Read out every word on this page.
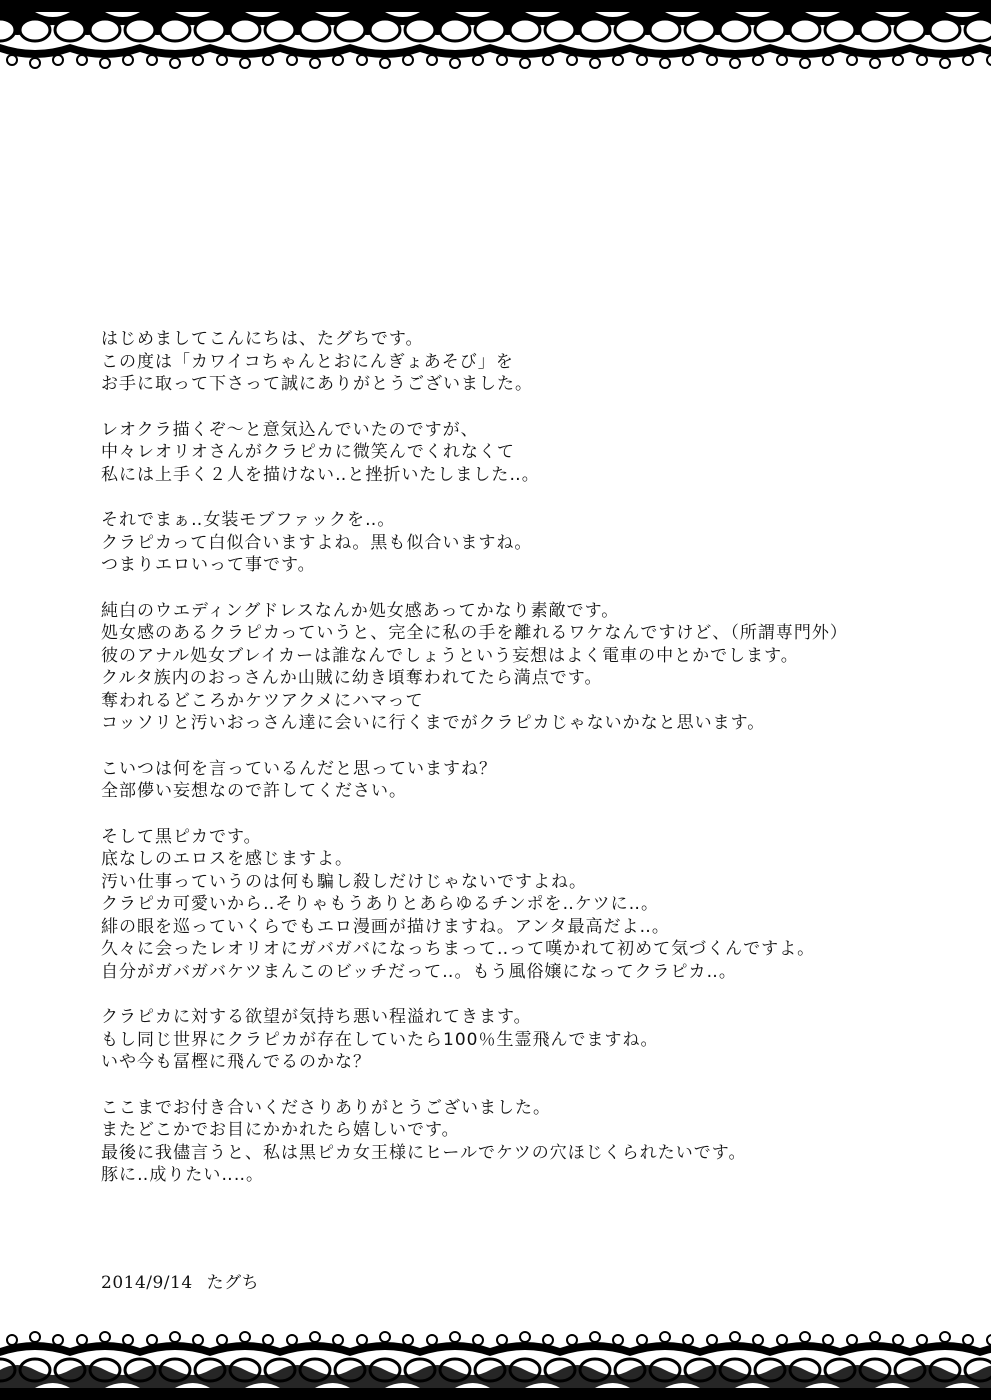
はじめましてこんにちは、たグちです。
この度は「カワイコちゃんとおにんぎょあそび」を
お手に取って下さって誠にありがとうございました。

レオクラ描くぞ～と意気込んでいたのですが、
中々レオリオさんがクラピカに微笑んでくれなくて
私には上手く２人を描けない‥と挫折いたしました‥。

それでまぁ‥女装モブファックを‥。
クラピカって白似合いますよね。黒も似合いますね。
つまりエロいって事です。

純白のウエディングドレスなんか処女感あってかなり素敵です。
処女感のあるクラピカっていうと、完全に私の手を離れるワケなんですけど、（所謂専門外）
彼のアナル処女ブレイカーは誰なんでしょうという妄想はよく電車の中とかでします。
クルタ族内のおっさんか山賊に幼き頃奪われてたら満点です。
奪われるどころかケツアクメにハマって
コッソリと汚いおっさん達に会いに行くまでがクラピカじゃないかなと思います。

こいつは何を言っているんだと思っていますね？
全部儚い妄想なので許してください。

そして黒ピカです。
底なしのエロスを感じますよ。
汚い仕事っていうのは何も騙し殺しだけじゃないですよね。
クラピカ可愛いから‥そりゃもうありとあらゆるチンポを‥ケツに‥。
緋の眼を巡っていくらでもエロ漫画が描けますね。アンタ最高だよ‥。
久々に会ったレオリオにガバガバになっちまって‥って嘆かれて初めて気づくんですよ。
自分がガバガバケツまんこのビッチだって‥。もう風俗嬢になってクラピカ‥。

クラピカに対する欲望が気持ち悪い程溢れてきます。
もし同じ世界にクラピカが存在していたら100％生霊飛んでますね。
いや今も冨樫に飛んでるのかな？

ここまでお付き合いくださりありがとうございました。
またどこかでお目にかかれたら嬉しいです。
最後に我儘言うと、私は黒ピカ女王様にヒールでケツの穴ほじくられたいです。
豚に‥成りたい‥‥。

2014/9/14 たグち
